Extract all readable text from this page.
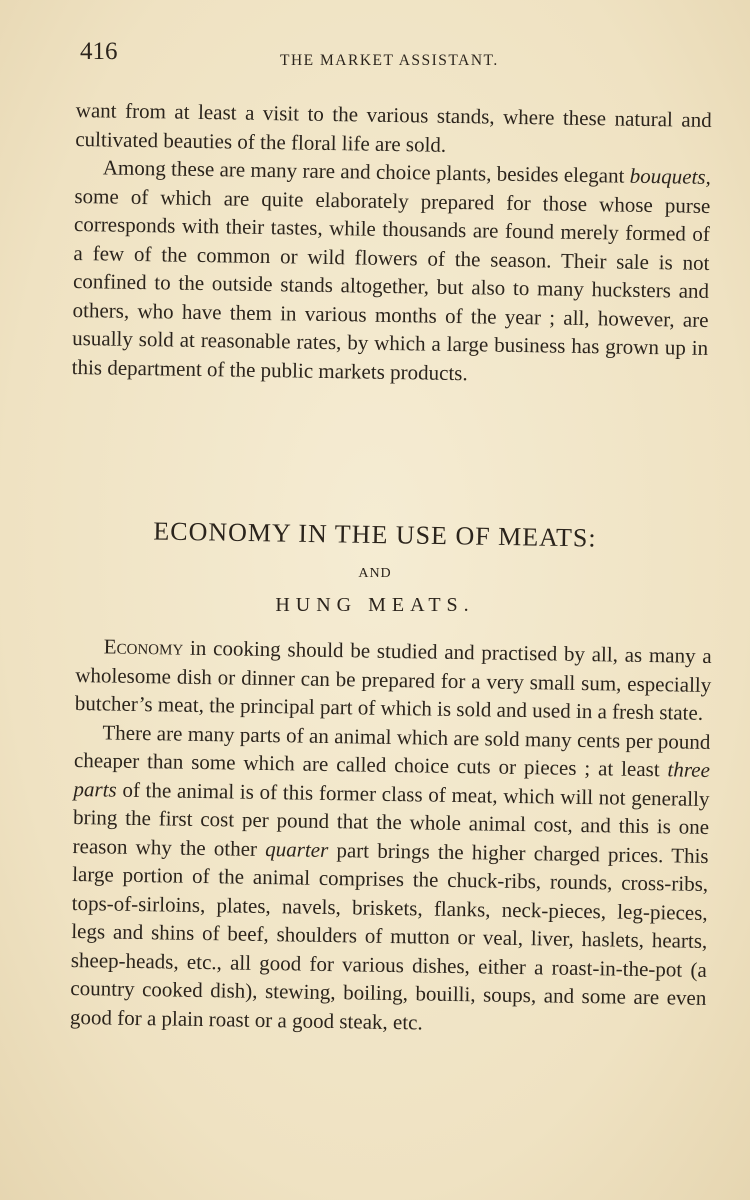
416	THE MARKET ASSISTANT.

want from at least a visit to the various stands, where these natural and cultivated beauties of the floral life are sold.

Among these are many rare and choice plants, besides elegant bouquets, some of which are quite elaborately prepared for those whose purse corresponds with their tastes, while thousands are found merely formed of a few of the common or wild flowers of the season. Their sale is not confined to the outside stands altogether, but also to many hucksters and others, who have them in various months of the year ; all, however, are usually sold at reasonable rates, by which a large business has grown up in this department of the public markets products.

ECONOMY IN THE USE OF MEATS:
AND
HUNG MEATS.

Economy in cooking should be studied and practised by all, as many a wholesome dish or dinner can be prepared for a very small sum, especially butcher’s meat, the principal part of which is sold and used in a fresh state.

There are many parts of an animal which are sold many cents per pound cheaper than some which are called choice cuts or pieces ; at least three parts of the animal is of this former class of meat, which will not generally bring the first cost per pound that the whole animal cost, and this is one reason why the other quarter part brings the higher charged prices. This large portion of the animal comprises the chuck-ribs, rounds, cross-ribs, tops-of-sirloins, plates, navels, briskets, flanks, neck-pieces, leg-pieces, legs and shins of beef, shoulders of mutton or veal, liver, haslets, hearts, sheep-heads, etc., all good for various dishes, either a roast-in-the-pot (a country cooked dish), stewing, boiling, bouilli, soups, and some are even good for a plain roast or a good steak, etc.
